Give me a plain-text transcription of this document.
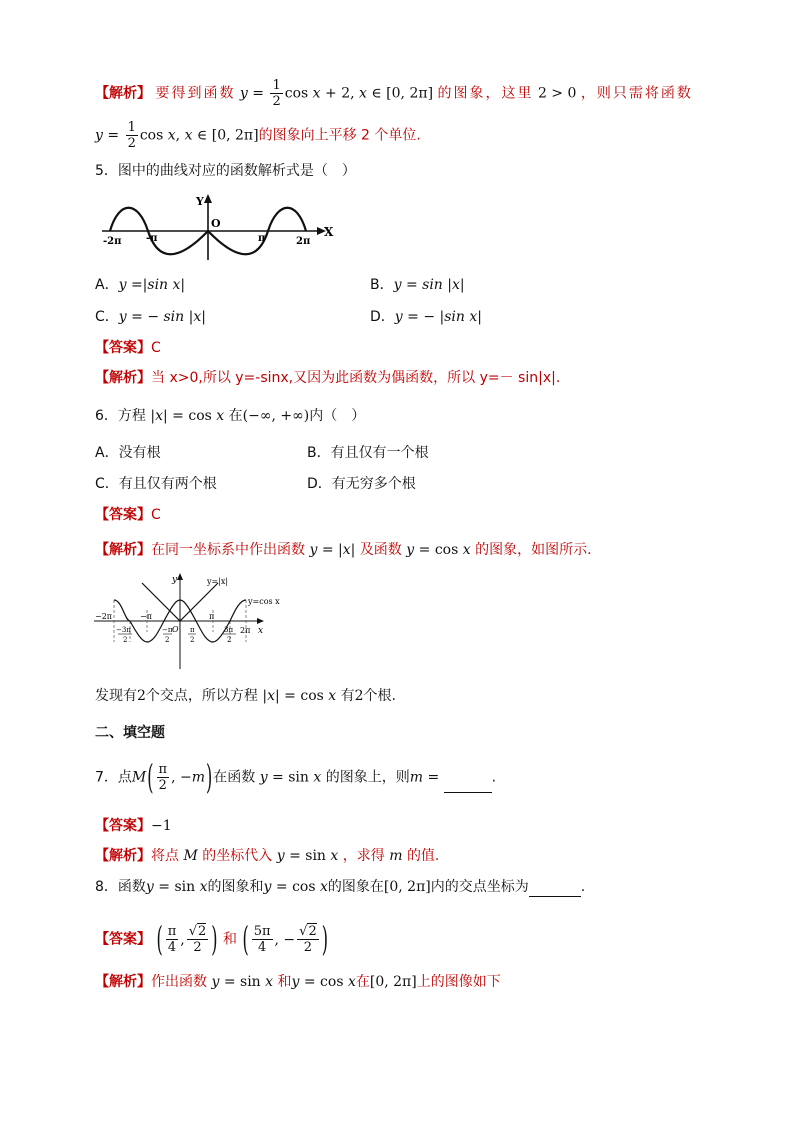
【解析】 要得到函数 $y = \frac{1}{2}$ cos x + 2, x ∈ [0, 2π] 的图象，这里 2 > 0 ，则只需将函数
$y = \frac{1}{2}$ cos x, x ∈ [0, 2π]的图象向上平移 2 个单位.
5．图中的曲线对应的函数解析式是（　）
Y
O
X
-2π -π	π	2π
A．y =|sin x|	B．y = sin |x|
C．y = − sin |x|	D．y = − |sin x|
【答案】C
【解析】当 x>0,所以 y=-sinx,又因为此函数为偶函数，所以 y=－ sin|x|.
6．方程 |x| = cos x 在(−∞, +∞)内（　）
A．没有根	B．有且仅有一个根
C．有且仅有两个根	D．有无穷多个根
【答案】C
【解析】在同一坐标系中作出函数 y = |x| 及函数 y = cos x 的图象，如图所示.
y	y=|x|
y=cos x
x
−2π	−π	π
2π
O
−3π
2
−π
2
π
2
3π
2
发现有2个交点，所以方程 |x| = cos x 有2个根.
二、填空题
7．点$M( \frac{\pi}{2}$ , −m)在函数 y = sin x 的图象上，则m =	.
【答案】−1
【解析】将点 M 的坐标代入 y = sin x ，求得 m 的值.
8．函数y = sin x的图象和y = cos x的图象在[0, 2π]内的交点坐标为	.
【答案】 ( $\frac{\pi}{4}$ , $\frac{√2}{2}$ ) 和 ( $\frac{5\pi}{4}$ , − $\frac{√2}{2}$ )
【解析】作出函数 y = sin x 和y = cos x在[0, 2π]上的图像如下
